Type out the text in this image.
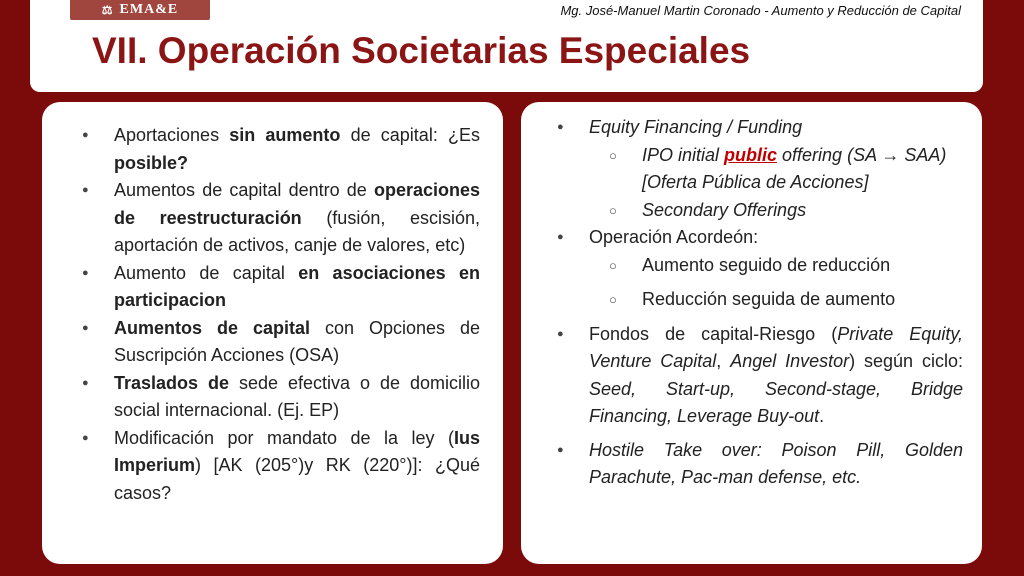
⚖ EMA&E	Mg. José-Manuel Martin Coronado - Aumento y Reducción de Capital
VII. Operación Societarias Especiales
● Aportaciones sin aumento de capital: ¿Es posible?
● Aumentos de capital dentro de operaciones de reestructuración (fusión, escisión, aportación de activos, canje de valores, etc)
● Aumento de capital en asociaciones en participacion
● Aumentos de capital con Opciones de Suscripción Acciones (OSA)
● Traslados de sede efectiva o de domicilio social internacional. (Ej. EP)
● Modificación por mandato de la ley (Ius Imperium) [AK (205°)y RK (220°)]: ¿Qué casos?
● Equity Financing / Funding
○ IPO initial public offering (SA → SAA) [Oferta Pública de Acciones]
○ Secondary Offerings
● Operación Acordeón:
○ Aumento seguido de reducción
○ Reducción seguida de aumento
● Fondos de capital-Riesgo (Private Equity, Venture Capital, Angel Investor) según ciclo: Seed, Start-up, Second-stage, Bridge Financing, Leverage Buy-out.
● Hostile Take over: Poison Pill, Golden Parachute, Pac-man defense, etc.
